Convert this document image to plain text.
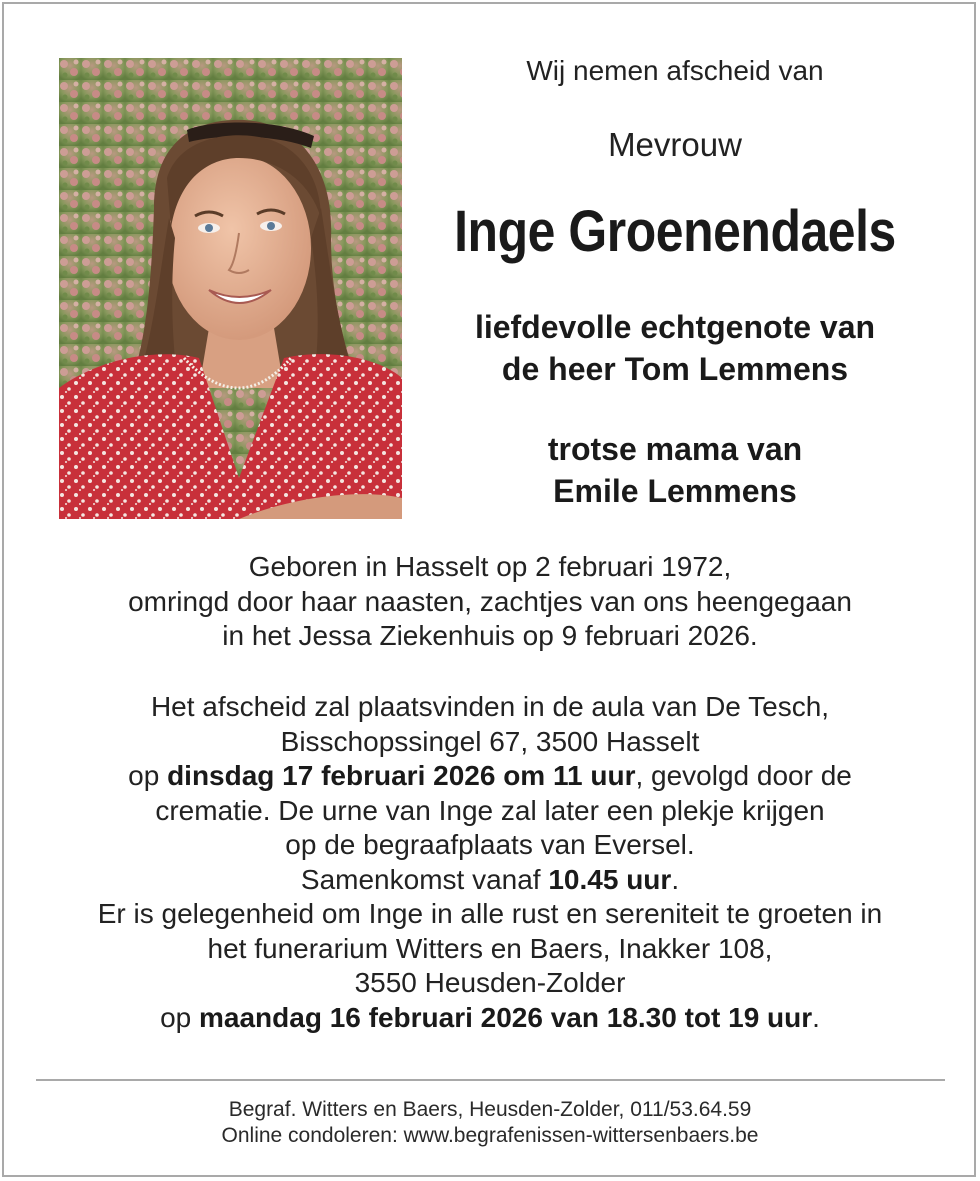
Wij nemen afscheid van
Mevrouw
Inge Groenendaels
liefdevolle echtgenote van
de heer Tom Lemmens
trotse mama van
Emile Lemmens
Geboren in Hasselt op 2 februari 1972,
omringd door haar naasten, zachtjes van ons heengegaan
in het Jessa Ziekenhuis op 9 februari 2026.
Het afscheid zal plaatsvinden in de aula van De Tesch,
Bisschopssingel 67, 3500 Hasselt
op dinsdag 17 februari 2026 om 11 uur, gevolgd door de
crematie. De urne van Inge zal later een plekje krijgen
op de begraafplaats van Eversel.
Samenkomst vanaf 10.45 uur.
Er is gelegenheid om Inge in alle rust en sereniteit te groeten in
het funerarium Witters en Baers, Inakker 108,
3550 Heusden-Zolder
op maandag 16 februari 2026 van 18.30 tot 19 uur.
Begraf. Witters en Baers, Heusden-Zolder, 011/53.64.59
Online condoleren: www.begrafenissen-wittersenbaers.be
